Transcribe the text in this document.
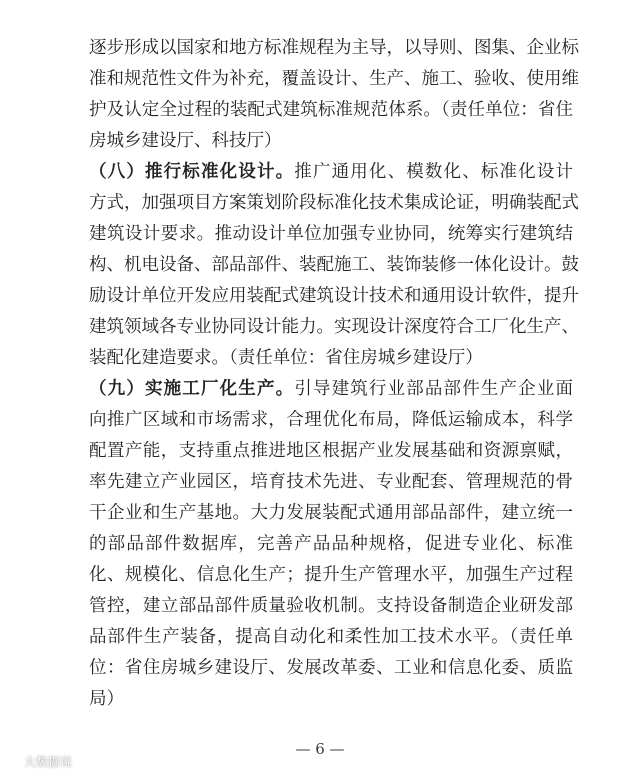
逐步形成以国家和地方标准规程为主导，以导则、图集、企业标
准和规范性文件为补充，覆盖设计、生产、施工、验收、使用维
护及认定全过程的装配式建筑标准规范体系。（责任单位：省住
房城乡建设厅、科技厅）
（八）推行标准化设计。推广通用化、模数化、标准化设计
方式，加强项目方案策划阶段标准化技术集成论证，明确装配式
建筑设计要求。推动设计单位加强专业协同，统筹实行建筑结
构、机电设备、部品部件、装配施工、装饰装修一体化设计。鼓
励设计单位开发应用装配式建筑设计技术和通用设计软件，提升
建筑领域各专业协同设计能力。实现设计深度符合工厂化生产、
装配化建造要求。（责任单位：省住房城乡建设厅）
（九）实施工厂化生产。引导建筑行业部品部件生产企业面
向推广区域和市场需求，合理优化布局，降低运输成本，科学
配置产能，支持重点推进地区根据产业发展基础和资源禀赋，
率先建立产业园区，培育技术先进、专业配套、管理规范的骨
干企业和生产基地。大力发展装配式通用部品部件，建立统一
的部品部件数据库，完善产品品种规格，促进专业化、标准
化、规模化、信息化生产；提升生产管理水平，加强生产过程
管控，建立部品部件质量验收机制。支持设备制造企业研发部
品部件生产装备，提高自动化和柔性加工技术水平。（责任单
位：省住房城乡建设厅、发展改革委、工业和信息化委、质监
局）
— 6 —
大数据说
